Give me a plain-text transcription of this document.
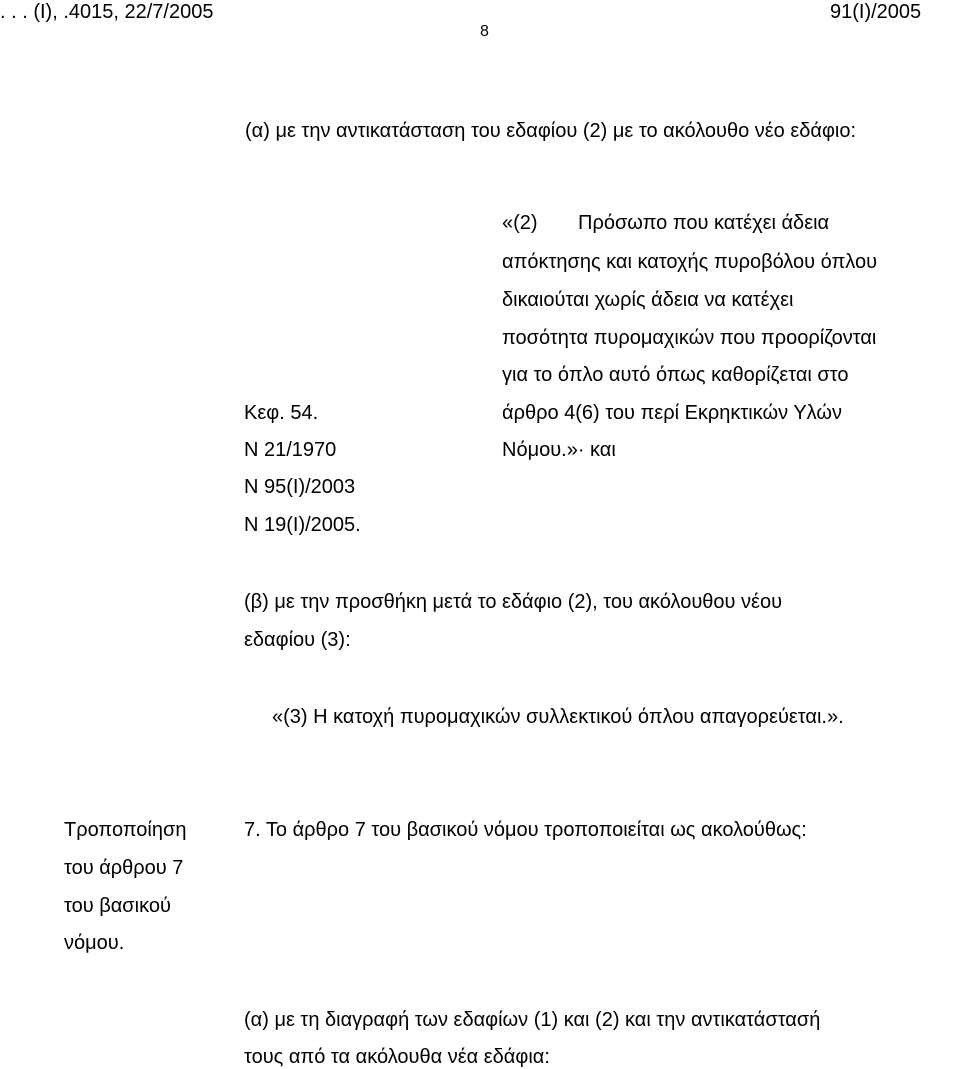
. . . (Ι), .4015, 22/7/2005
8
91(Ι)/2005
(α) με την αντικατάσταση του εδαφίου (2) με το ακόλουθο νέο εδάφιο:
«(2) Πρόσωπο που κατέχει άδεια
απόκτησης και κατοχής πυροβόλου όπλου
δικαιούται χωρίς άδεια να κατέχει
ποσότητα πυρομαχικών που προορίζονται
για το όπλο αυτό όπως καθορίζεται στο
άρθρο 4(6) του περί Εκρηκτικών Υλών
Νόμου.»· και
Κεφ. 54.
Ν 21/1970
Ν 95(Ι)/2003
Ν 19(Ι)/2005.
(β) με την προσθήκη μετά το εδάφιο (2), του ακόλουθου νέου
εδαφίου (3):
«(3) Η κατοχή πυρομαχικών συλλεκτικού όπλου απαγορεύεται.».
Τροποποίηση
του άρθρου 7
του βασικού
νόμου.
7. Το άρθρο 7 του βασικού νόμου τροποποιείται ως ακολούθως:
(α) με τη διαγραφή των εδαφίων (1) και (2) και την αντικατάστασή
τους από τα ακόλουθα νέα εδάφια:
